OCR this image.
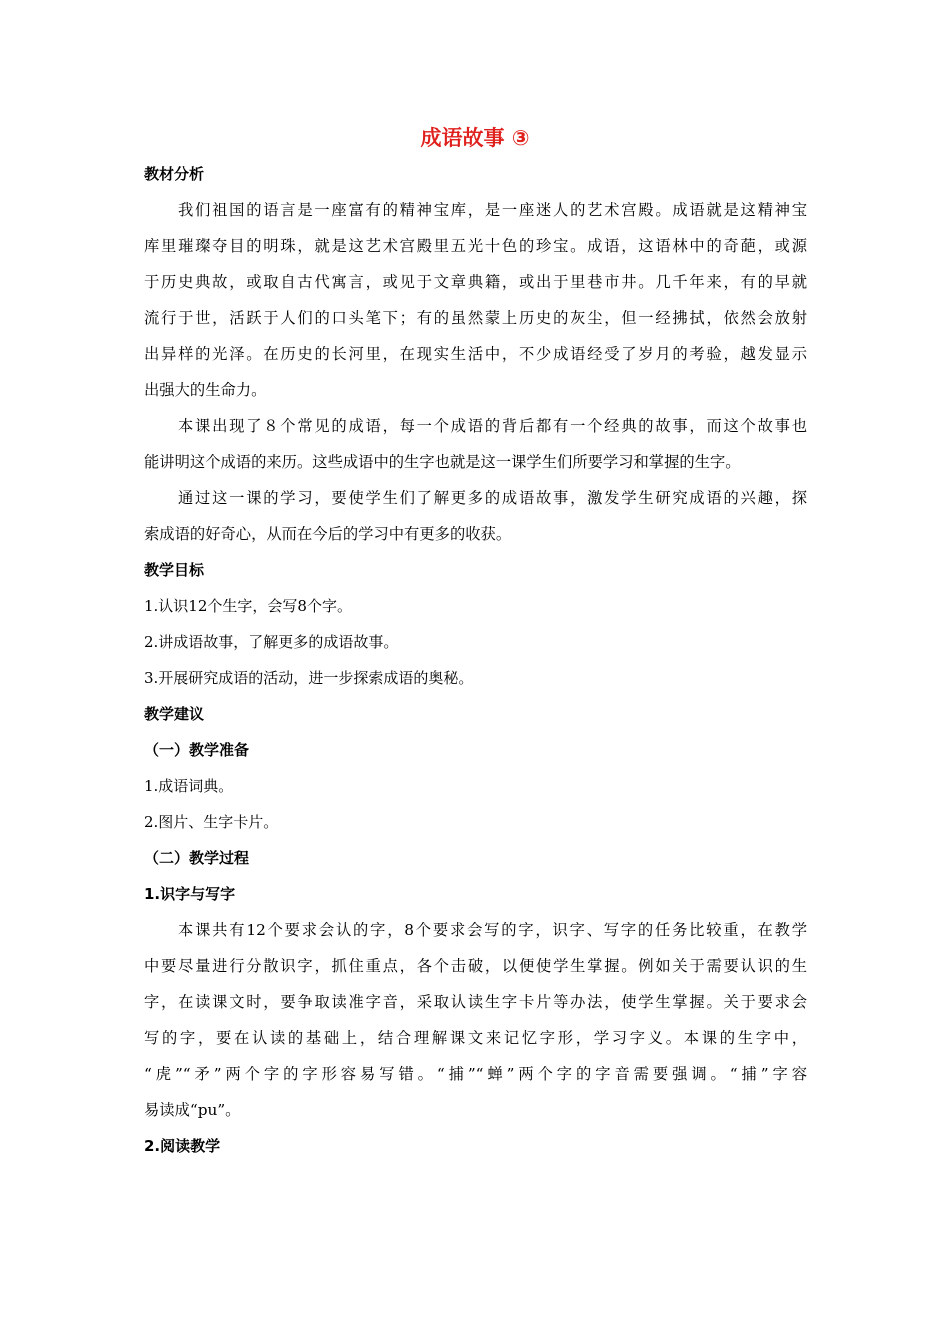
成语故事 ③
教材分析
我们祖国的语言是一座富有的精神宝库，是一座迷人的艺术宫殿。成语就是这精神宝
库里璀璨夺目的明珠，就是这艺术宫殿里五光十色的珍宝。成语，这语林中的奇葩，或源
于历史典故，或取自古代寓言，或见于文章典籍，或出于里巷市井。几千年来，有的早就
流行于世，活跃于人们的口头笔下；有的虽然蒙上历史的灰尘，但一经拂拭，依然会放射
出异样的光泽。在历史的长河里，在现实生活中，不少成语经受了岁月的考验，越发显示
出强大的生命力。
本课出现了８个常见的成语，每一个成语的背后都有一个经典的故事，而这个故事也
能讲明这个成语的来历。这些成语中的生字也就是这一课学生们所要学习和掌握的生字。
通过这一课的学习，要使学生们了解更多的成语故事，激发学生研究成语的兴趣，探
索成语的好奇心，从而在今后的学习中有更多的收获。
教学目标
1.认识12个生字，会写8个字。
2.讲成语故事，了解更多的成语故事。
3.开展研究成语的活动，进一步探索成语的奥秘。
教学建议
（一）教学准备
1.成语词典。
2.图片、生字卡片。
（二）教学过程
1.识字与写字
本课共有12个要求会认的字，8个要求会写的字，识字、写字的任务比较重，在教学
中要尽量进行分散识字，抓住重点，各个击破，以便使学生掌握。例如关于需要认识的生
字，在读课文时，要争取读准字音，采取认读生字卡片等办法，使学生掌握。关于要求会
写的字，要在认读的基础上，结合理解课文来记忆字形，学习字义。本课的生字中，
“虎”“矛”两个字的字形容易写错。“捕”“蝉”两个字的字音需要强调。“捕”字容
易读成“pu”。
2.阅读教学
